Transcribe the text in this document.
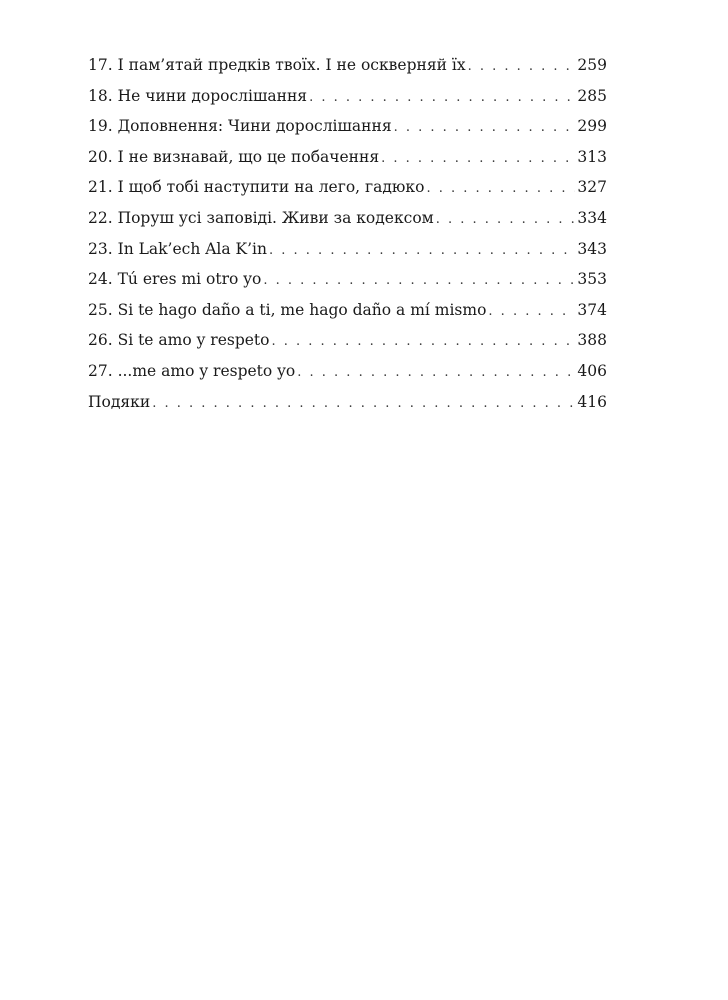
17. І пам’ятай предків твоїх. І не оскверняй їх . . .	259
18. Не чини дорослішання . . .	285
19. Доповнення: Чини дорослішання . . .	299
20. І не визнавай, що це побачення . . .	313
21. І щоб тобі наступити на лего, гадюко . . .	327
22. Поруш усі заповіді. Живи за кодексом . . .	334
23. In Lak’ech Ala K’in . . .	343
24. Tú eres mi otro yo . . .	353
25. Si te hago daño a ti, me hago daño a mí mismo . . .	374
26. Si te amo y respeto . . .	388
27. ...me amo y respeto yo . . .	406
Подяки . . .	416
